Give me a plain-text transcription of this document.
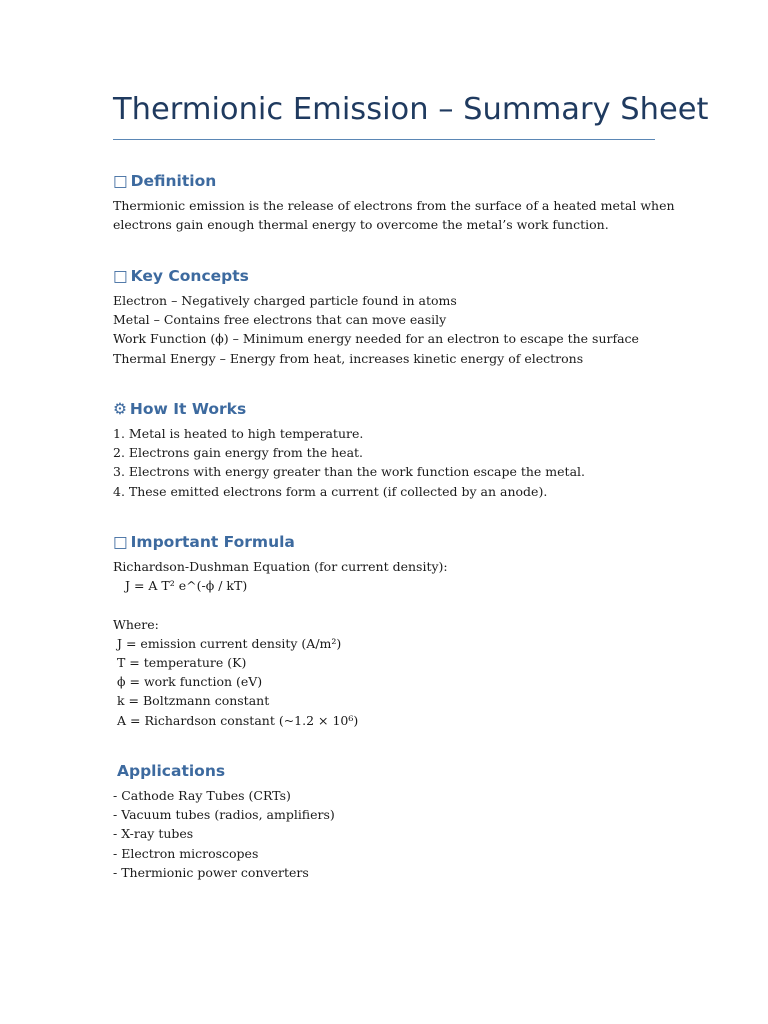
Thermionic Emission – Summary Sheet
□ Definition
Thermionic emission is the release of electrons from the surface of a heated metal when
electrons gain enough thermal energy to overcome the metal’s work function.
□ Key Concepts
Electron – Negatively charged particle found in atoms
Metal – Contains free electrons that can move easily
Work Function (ϕ) – Minimum energy needed for an electron to escape the surface
Thermal Energy – Energy from heat, increases kinetic energy of electrons
⚙ How It Works
1. Metal is heated to high temperature.
2. Electrons gain energy from the heat.
3. Electrons with energy greater than the work function escape the metal.
4. These emitted electrons form a current (if collected by an anode).
□ Important Formula
Richardson-Dushman Equation (for current density):
J = A T² e^(-ϕ / kT)
Where:
J = emission current density (A/m²)
T = temperature (K)
ϕ = work function (eV)
k = Boltzmann constant
A = Richardson constant (~1.2 × 10⁶)
Applications
- Cathode Ray Tubes (CRTs)
- Vacuum tubes (radios, amplifiers)
- X-ray tubes
- Electron microscopes
- Thermionic power converters
